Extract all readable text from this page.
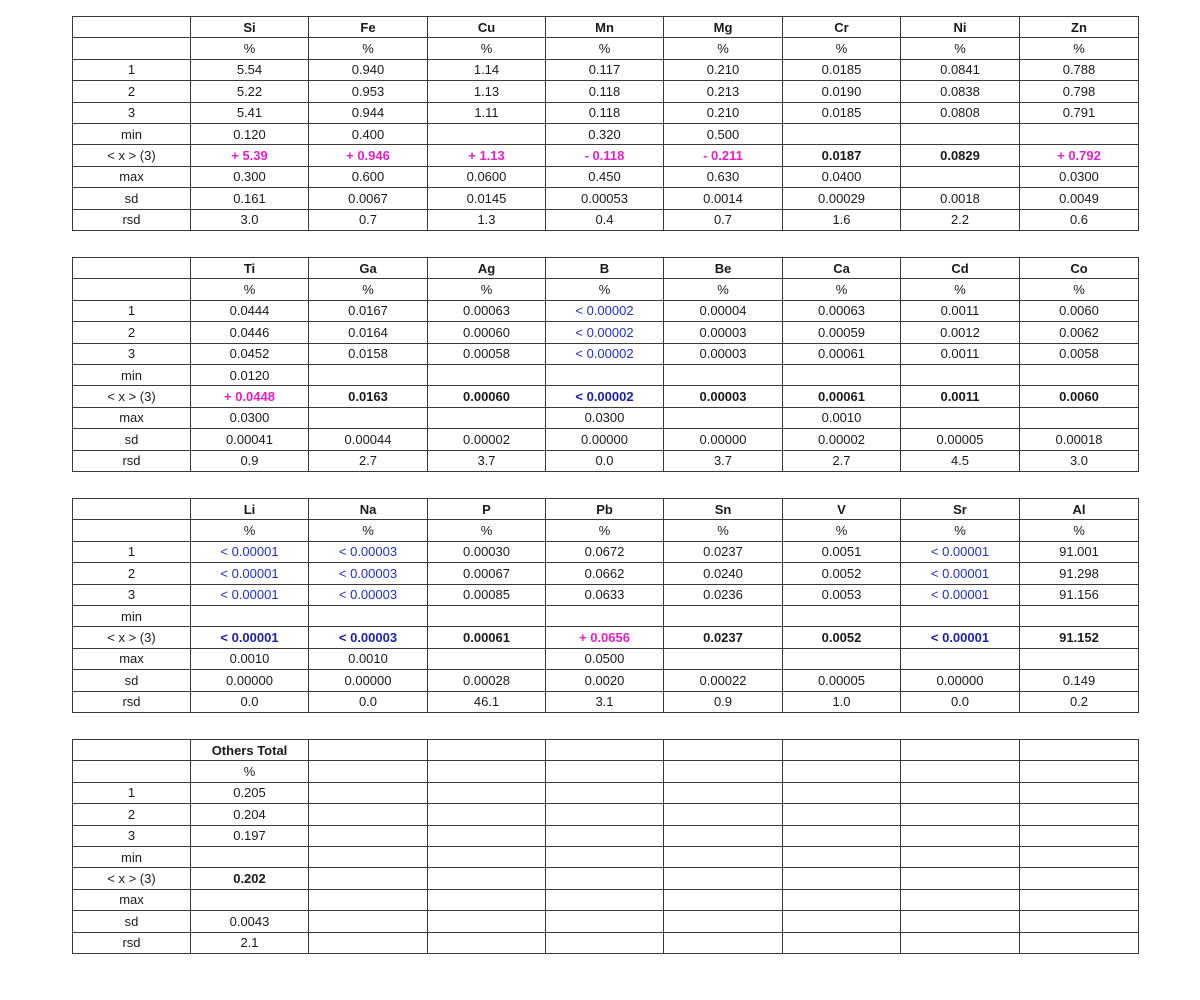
	Si	Fe	Cu	Mn	Mg	Cr	Ni	Zn
	%	%	%	%	%	%	%	%
1	5.54	0.940	1.14	0.117	0.210	0.0185	0.0841	0.788
2	5.22	0.953	1.13	0.118	0.213	0.0190	0.0838	0.798
3	5.41	0.944	1.11	0.118	0.210	0.0185	0.0808	0.791
min	0.120	0.400		0.320	0.500			
< x > (3)	+ 5.39	+ 0.946	+ 1.13	- 0.118	- 0.211	0.0187	0.0829	+ 0.792
max	0.300	0.600	0.0600	0.450	0.630	0.0400		0.0300
sd	0.161	0.0067	0.0145	0.00053	0.0014	0.00029	0.0018	0.0049
rsd	3.0	0.7	1.3	0.4	0.7	1.6	2.2	0.6
	Ti	Ga	Ag	B	Be	Ca	Cd	Co
	%	%	%	%	%	%	%	%
1	0.0444	0.0167	0.00063	< 0.00002	0.00004	0.00063	0.0011	0.0060
2	0.0446	0.0164	0.00060	< 0.00002	0.00003	0.00059	0.0012	0.0062
3	0.0452	0.0158	0.00058	< 0.00002	0.00003	0.00061	0.0011	0.0058
min	0.0120							
< x > (3)	+ 0.0448	0.0163	0.00060	< 0.00002	0.00003	0.00061	0.0011	0.0060
max	0.0300			0.0300		0.0010		
sd	0.00041	0.00044	0.00002	0.00000	0.00000	0.00002	0.00005	0.00018
rsd	0.9	2.7	3.7	0.0	3.7	2.7	4.5	3.0
	Li	Na	P	Pb	Sn	V	Sr	Al
	%	%	%	%	%	%	%	%
1	< 0.00001	< 0.00003	0.00030	0.0672	0.0237	0.0051	< 0.00001	91.001
2	< 0.00001	< 0.00003	0.00067	0.0662	0.0240	0.0052	< 0.00001	91.298
3	< 0.00001	< 0.00003	0.00085	0.0633	0.0236	0.0053	< 0.00001	91.156
min								
< x > (3)	< 0.00001	< 0.00003	0.00061	+ 0.0656	0.0237	0.0052	< 0.00001	91.152
max	0.0010	0.0010		0.0500				
sd	0.00000	0.00000	0.00028	0.0020	0.00022	0.00005	0.00000	0.149
rsd	0.0	0.0	46.1	3.1	0.9	1.0	0.0	0.2
	Others Total							
	%							
1	0.205							
2	0.204							
3	0.197							
min								
< x > (3)	0.202							
max								
sd	0.0043							
rsd	2.1							
